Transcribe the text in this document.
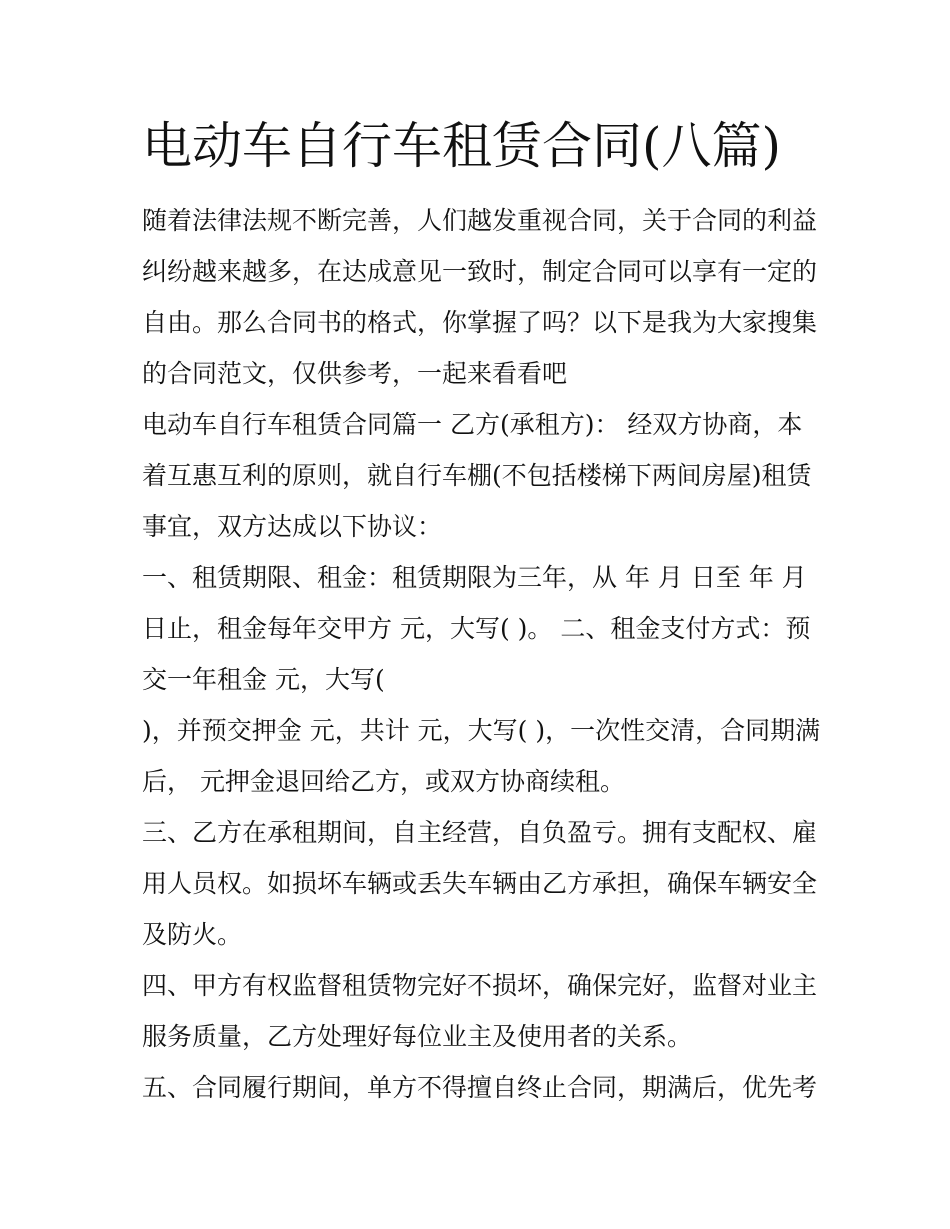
电动车自行车租赁合同(八篇)

随着法律法规不断完善，人们越发重视合同，关于合同的利益

纠纷越来越多，在达成意见一致时，制定合同可以享有一定的

自由。那么合同书的格式，你掌握了吗？以下是我为大家搜集

的合同范文，仅供参考，一起来看看吧

电动车自行车租赁合同篇一 乙方(承租方)： 经双方协商，本

着互惠互利的原则，就自行车棚(不包括楼梯下两间房屋)租赁

事宜，双方达成以下协议：

一、租赁期限、租金：租赁期限为三年，从 年 月 日至 年 月

日止，租金每年交甲方 元，大写( )。 二、租金支付方式：预

交一年租金 元，大写(

)，并预交押金 元，共计 元，大写( )，一次性交清，合同期满

后， 元押金退回给乙方，或双方协商续租。

三、乙方在承租期间，自主经营，自负盈亏。拥有支配权、雇

用人员权。如损坏车辆或丢失车辆由乙方承担，确保车辆安全

及防火。

四、甲方有权监督租赁物完好不损坏，确保完好，监督对业主

服务质量，乙方处理好每位业主及使用者的关系。

五、合同履行期间，单方不得擅自终止合同，期满后，优先考
